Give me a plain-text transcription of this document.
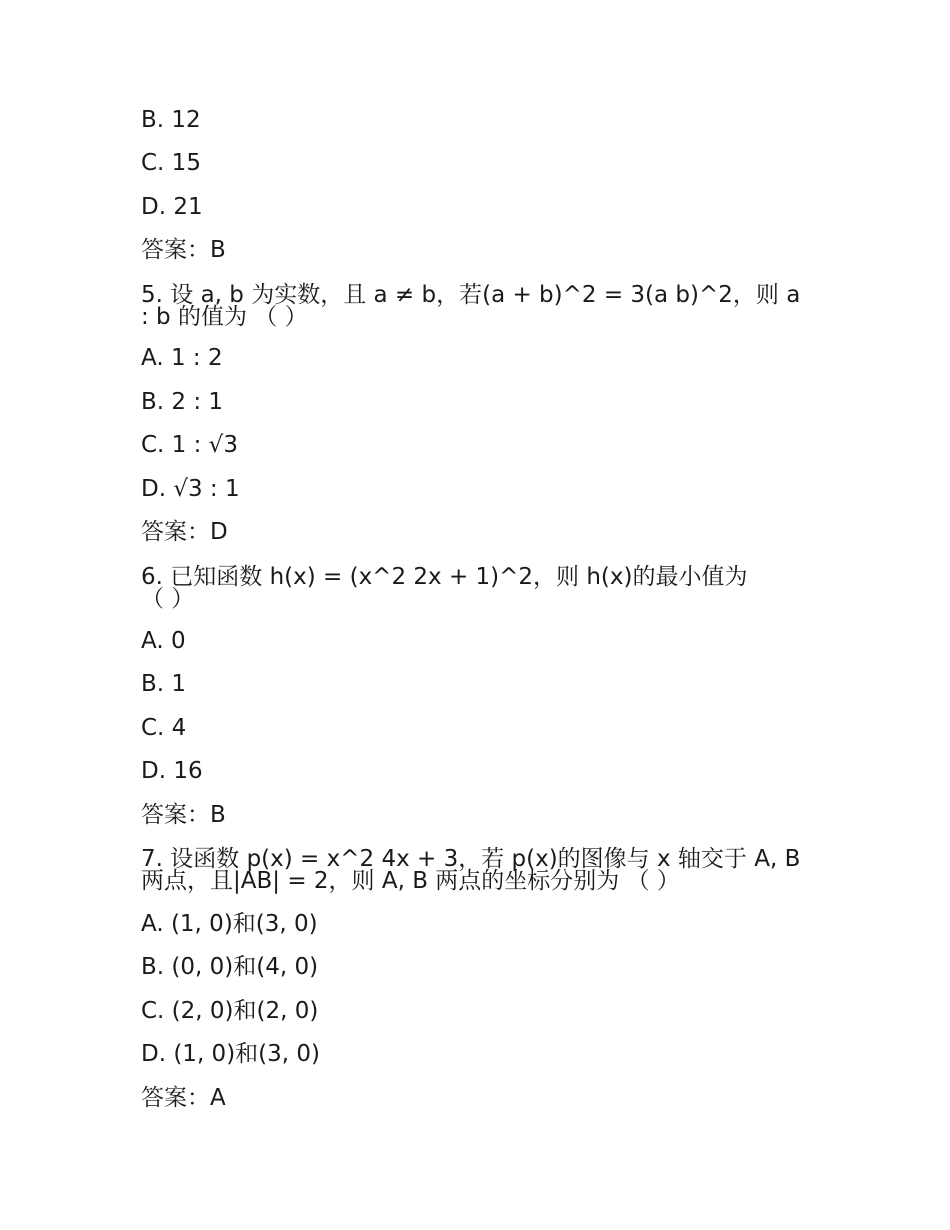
B. 12
C. 15
D. 21
答案：B
5. 设 a, b 为实数，且 a ≠ b，若(a + b)^2 = 3(a b)^2，则 a
: b 的值为 （ ）
A. 1 : 2
B. 2 : 1
C. 1 : √3
D. √3 : 1
答案：D
6. 已知函数 h(x) = (x^2 2x + 1)^2，则 h(x)的最小值为
（ ）
A. 0
B. 1
C. 4
D. 16
答案：B
7. 设函数 p(x) = x^2 4x + 3，若 p(x)的图像与 x 轴交于 A, B
两点，且|AB| = 2，则 A, B 两点的坐标分别为 （ ）
A. (1, 0)和(3, 0)
B. (0, 0)和(4, 0)
C. (2, 0)和(2, 0)
D. (1, 0)和(3, 0)
答案：A
